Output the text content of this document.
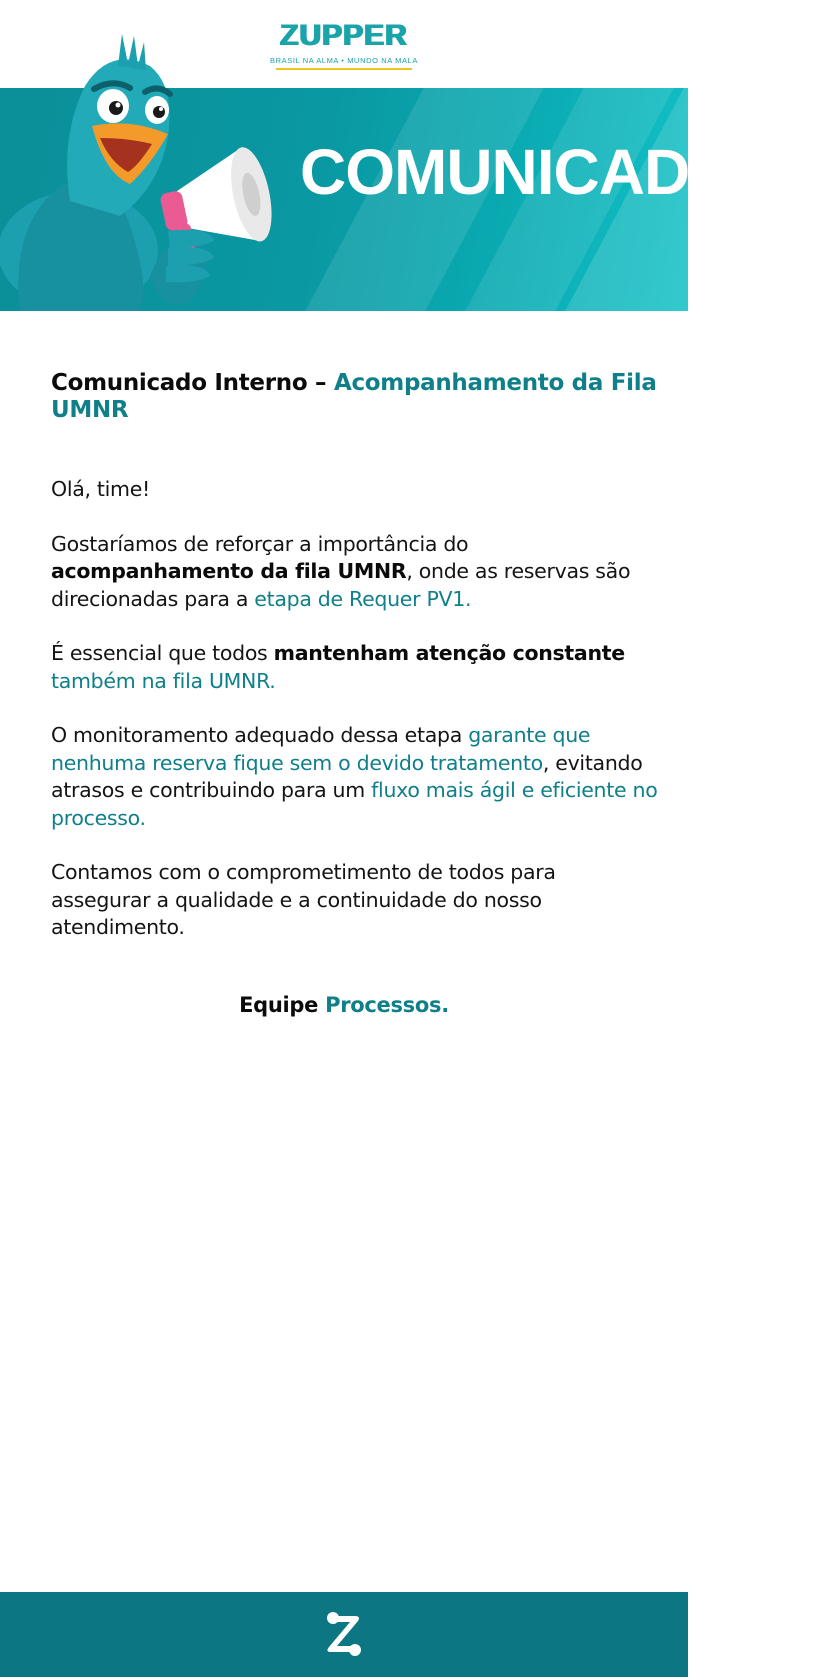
ZUPPER
BRASIL NA ALMA • MUNDO NA MALA
COMUNICADO
Comunicado Interno – Acompanhamento da Fila UMNR

Olá, time!

Gostaríamos de reforçar a importância do acompanhamento da fila UMNR, onde as reservas são direcionadas para a etapa de Requer PV1.

É essencial que todos mantenham atenção constante também na fila UMNR.

O monitoramento adequado dessa etapa garante que nenhuma reserva fique sem o devido tratamento, evitando atrasos e contribuindo para um fluxo mais ágil e eficiente no processo.

Contamos com o comprometimento de todos para assegurar a qualidade e a continuidade do nosso atendimento.

Equipe Processos.
